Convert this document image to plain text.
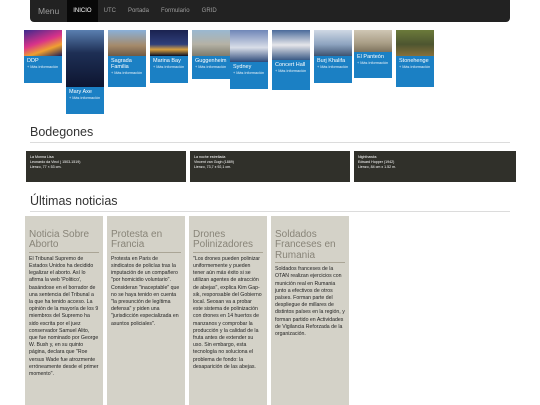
Menu	INICIO	UTC	Portada	Formulario	GRID
DDP
+ Más información
Mary Axe
+ Más información
Sagrada Familia
+ Más información
Marina Bay
+ Más información
Guggenheim
+ Más información	Sydney
+ Más información
Concert Hall
+ Más información
Burj Khalifa
+ Más información
El Panteón
+ Más información	Stonehenge
+ Más información
Bodegones
La Monna Lisa
Leonardo da Vinci ( 1503-1519)
Lienzo, 77 × 53 cm.
La noche estrellada
Vincent van Gogh (1889)
Lienzo, 73,7 x 92,1 cm.
Nighthawks
Edward Hopper (1942)
Lienzo, 84 cm x 1.52 m.
Últimas noticias
Noticia Sobre Aborto
El Tribunal Supremo de Estados Unidos ha decidido legalizar el aborto. Así lo afirma la web 'Politico', basándose en el borrador de una sentencia del Tribunal a la que ha tenido acceso. La opinión de la mayoría de los 9 miembros del Supremo ha sido escrita por el juez conservador Samuel Alito, que fue nominado por George W. Bush y, en su quinto página, declara que "Roe versus Wade fue atrozmente erróneamente desde el primer momento".
Protesta en Francia
Protesta en Paris de sindicatos de policías tras la imputación de un compañero "por homicidio voluntario". Consideran "inaceptable" que no se haya tenido en cuenta "la presunción de legítima defensa" y piden una "jurisdicción especializada en asuntos policiales".
Drones Polinizadores
"Los drones pueden polinizar uniformemente y pueden tener aún más éxito si se utilizan agentes de atracción de abejas", explica Kim Gap-sik, responsable del Gobierno local. Seosan va a probar este sistema de polinización con drones en 14 huertos de manzanos y comprobar la producción y la calidad de la fruta antes de extender su uso. Sin embargo, esta tecnología no soluciona el problema de fondo: la desaparición de las abejas.
Soldados Franceses en Rumania
Soldados franceses de la OTAN realizan ejercicios con munición real en Rumania junto a efectivos de otros países. Forman parte del despliegue de millares de distintos países en la región, y forman partido en Actividades de Vigilancia Reforzada de la organización.
